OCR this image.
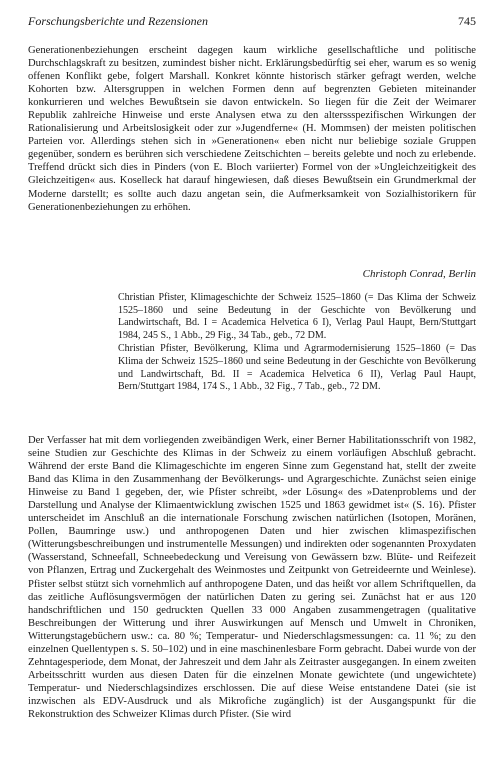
Forschungsberichte und Rezensionen	745

Generationenbeziehungen erscheint dagegen kaum wirkliche gesellschaftliche und politische Durchschlagskraft zu besitzen, zumindest bisher nicht. Erklärungsbedürftig sei eher, warum es so wenig offenen Konflikt gebe, folgert Marshall. Konkret könnte historisch stärker gefragt werden, welche Kohorten bzw. Altersgruppen in welchen Formen denn auf begrenzten Gebieten miteinander konkurrieren und welches Bewußtsein sie davon entwickeln. So liegen für die Zeit der Weimarer Republik zahlreiche Hinweise und erste Analysen etwa zu den alterssspezifischen Wirkungen der Rationalisierung und Arbeitslosigkeit oder zur »Jugendferne« (H. Mommsen) der meisten politischen Parteien vor. Allerdings stehen sich in »Generationen« eben nicht nur beliebige soziale Gruppen gegenüber, sondern es berühren sich verschiedene Zeitschichten – bereits gelebte und noch zu erlebende. Treffend drückt sich dies in Pinders (von E. Bloch variierter) Formel von der »Ungleichzeitigkeit des Gleichzeitigen« aus. Koselleck hat darauf hingewiesen, daß dieses Bewußtsein ein Grundmerkmal der Moderne darstellt; es sollte auch dazu angetan sein, die Aufmerksamkeit von Sozialhistorikern für Generationenbeziehungen zu erhöhen.

Christoph Conrad, Berlin

Christian Pfister, Klimageschichte der Schweiz 1525–1860 (= Das Klima der Schweiz 1525–1860 und seine Bedeutung in der Geschichte von Bevölkerung und Landwirtschaft, Bd. I = Academica Helvetica 6 I), Verlag Paul Haupt, Bern/Stuttgart 1984, 245 S., 1 Abb., 29 Fig., 34 Tab., geb., 72 DM.

Christian Pfister, Bevölkerung, Klima und Agrarmodernisierung 1525–1860 (= Das Klima der Schweiz 1525–1860 und seine Bedeutung in der Geschichte von Bevölkerung und Landwirtschaft, Bd. II = Academica Helvetica 6 II), Verlag Paul Haupt, Bern/Stuttgart 1984, 174 S., 1 Abb., 32 Fig., 7 Tab., geb., 72 DM.

Der Verfasser hat mit dem vorliegenden zweibändigen Werk, einer Berner Habilitationsschrift von 1982, seine Studien zur Geschichte des Klimas in der Schweiz zu einem vorläufigen Abschluß gebracht. Während der erste Band die Klimageschichte im engeren Sinne zum Gegenstand hat, stellt der zweite Band das Klima in den Zusammenhang der Bevölkerungs- und Agrargeschichte. Zunächst seien einige Hinweise zu Band 1 gegeben, der, wie Pfister schreibt, »der Lösung« des »Datenproblems und der Darstellung und Analyse der Klimaentwicklung zwischen 1525 und 1863 gewidmet ist« (S. 16). Pfister unterscheidet im Anschluß an die internationale Forschung zwischen natürlichen (Isotopen, Moränen, Pollen, Baumringe usw.) und anthropogenen Daten und hier zwischen klimaspezifischen (Witterungsbeschreibungen und instrumentelle Messungen) und indirekten oder sogenannten Proxydaten (Wasserstand, Schneefall, Schneebedeckung und Vereisung von Gewässern bzw. Blüte- und Reifezeit von Pflanzen, Ertrag und Zuckergehalt des Weinmostes und Zeitpunkt von Getreideernte und Weinlese). Pfister selbst stützt sich vornehmlich auf anthropogene Daten, und das heißt vor allem Schriftquellen, da das zeitliche Auflösungsvermögen der natürlichen Daten zu gering sei. Zunächst hat er aus 120 handschriftlichen und 150 gedruckten Quellen 33 000 Angaben zusammengetragen (qualitative Beschreibungen der Witterung und ihrer Auswirkungen auf Mensch und Umwelt in Chroniken, Witterungstagebüchern usw.: ca. 80 %; Temperatur- und Niederschlagsmessungen: ca. 11 %; zu den einzelnen Quellentypen s. S. 50–102) und in eine maschinenlesbare Form gebracht. Dabei wurde von der Zehntagesperiode, dem Monat, der Jahreszeit und dem Jahr als Zeitraster ausgegangen. In einem zweiten Arbeitsschritt wurden aus diesen Daten für die einzelnen Monate gewichtete (und ungewichtete) Temperatur- und Niederschlagsindizes erschlossen. Die auf diese Weise entstandene Datei (sie ist inzwischen als EDV-Ausdruck und als Mikrofiche zugänglich) ist der Ausgangspunkt für die Rekonstruktion des Schweizer Klimas durch Pfister. (Sie wird
